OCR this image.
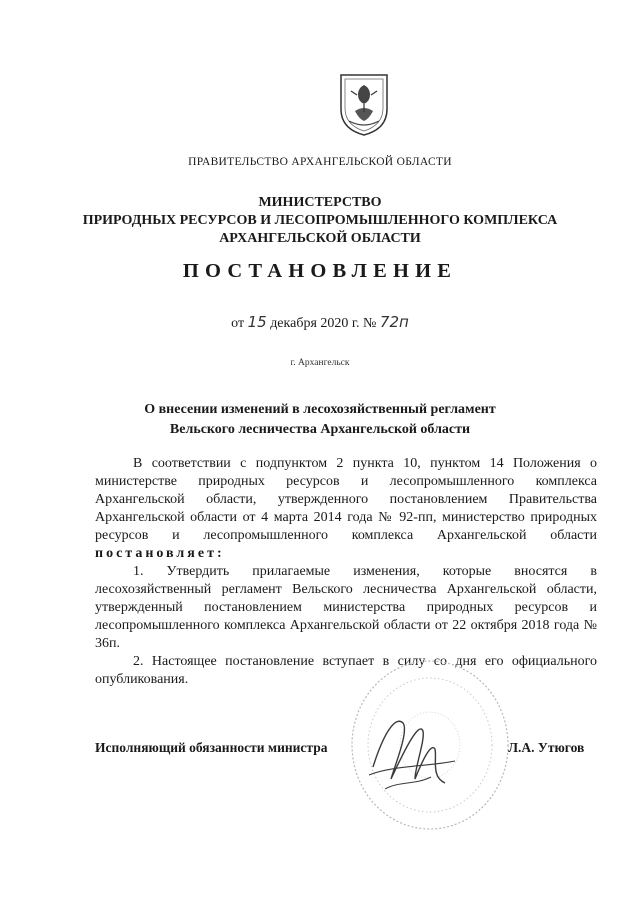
ПРАВИТЕЛЬСТВО АРХАНГЕЛЬСКОЙ ОБЛАСТИ
МИНИСТЕРСТВО
ПРИРОДНЫХ РЕСУРСОВ И ЛЕСОПРОМЫШЛЕННОГО КОМПЛЕКСА
АРХАНГЕЛЬСКОЙ ОБЛАСТИ
ПОСТАНОВЛЕНИЕ
от 15 декабря 2020 г. № 72п
г. Архангельск
О внесении изменений в лесохозяйственный регламент
Вельского лесничества Архангельской области

В соответствии с подпунктом 2 пункта 10, пунктом 14 Положения о министерстве природных ресурсов и лесопромышленного комплекса Архангельской области, утвержденного постановлением Правительства Архангельской области от 4 марта 2014 года № 92-пп, министерство природных ресурсов и лесопромышленного комплекса Архангельской области постановляет:

1. Утвердить прилагаемые изменения, которые вносятся в лесохозяйственный регламент Вельского лесничества Архангельской области, утвержденный постановлением министерства природных ресурсов и лесопромышленного комплекса Архангельской области от 22 октября 2018 года № 36п.

2. Настоящее постановление вступает в силу со дня его официального опубликования.

Исполняющий обязанности министра	Л.А. Утюгов
